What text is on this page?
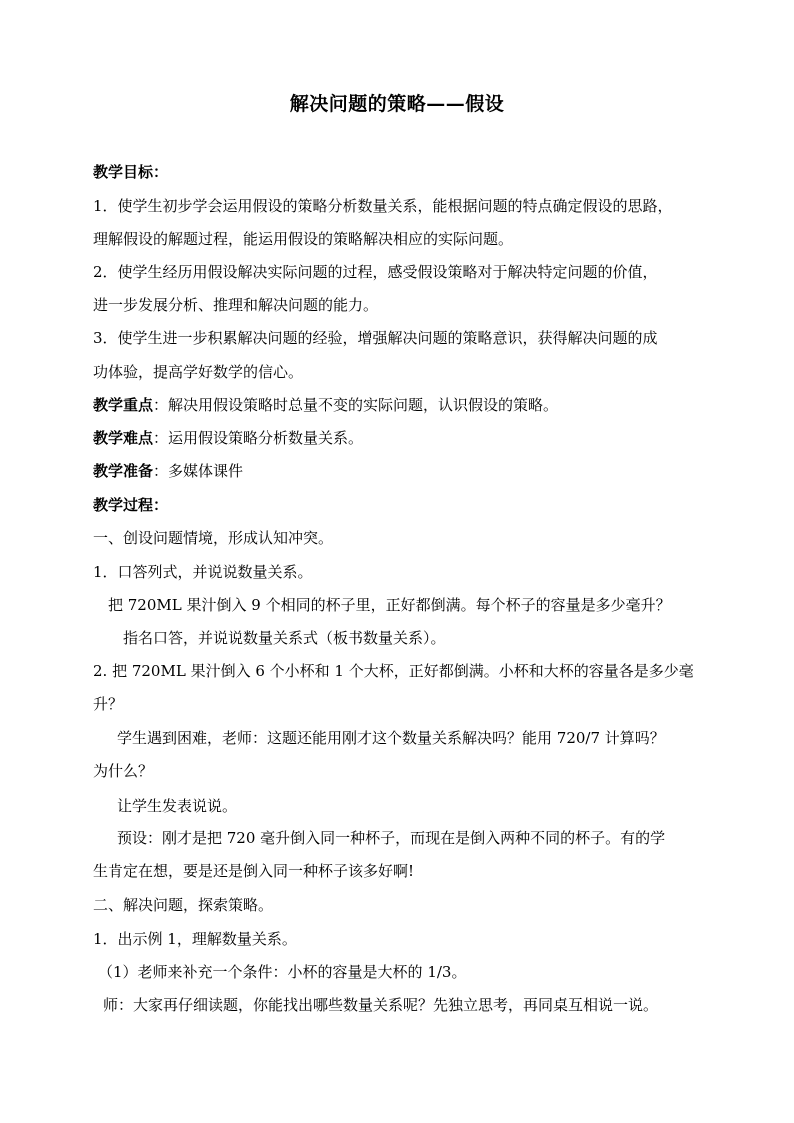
解决问题的策略——假设
教学目标：
1．使学生初步学会运用假设的策略分析数量关系，能根据问题的特点确定假设的思路，
理解假设的解题过程，能运用假设的策略解决相应的实际问题。
2．使学生经历用假设解决实际问题的过程，感受假设策略对于解决特定问题的价值，
进一步发展分析、推理和解决问题的能力。
3．使学生进一步积累解决问题的经验，增强解决问题的策略意识，获得解决问题的成
功体验，提高学好数学的信心。
教学重点：解决用假设策略时总量不变的实际问题，认识假设的策略。
教学难点：运用假设策略分析数量关系。
教学准备：多媒体课件
教学过程：
一、创设问题情境，形成认知冲突。
1．口答列式，并说说数量关系。
把 720ML 果汁倒入 9 个相同的杯子里，正好都倒满。每个杯子的容量是多少毫升？
指名口答，并说说数量关系式（板书数量关系）。
2. 把 720ML 果汁倒入 6 个小杯和 1 个大杯，正好都倒满。小杯和大杯的容量各是多少毫
升？
学生遇到困难，老师：这题还能用刚才这个数量关系解决吗？能用 720/7 计算吗？
为什么？
让学生发表说说。
预设：刚才是把 720 毫升倒入同一种杯子，而现在是倒入两种不同的杯子。有的学
生肯定在想，要是还是倒入同一种杯子该多好啊!
二、解决问题，探索策略。
1．出示例 1，理解数量关系。
（1）老师来补充一个条件：小杯的容量是大杯的 1/3。
师：大家再仔细读题，你能找出哪些数量关系呢？先独立思考，再同桌互相说一说。
